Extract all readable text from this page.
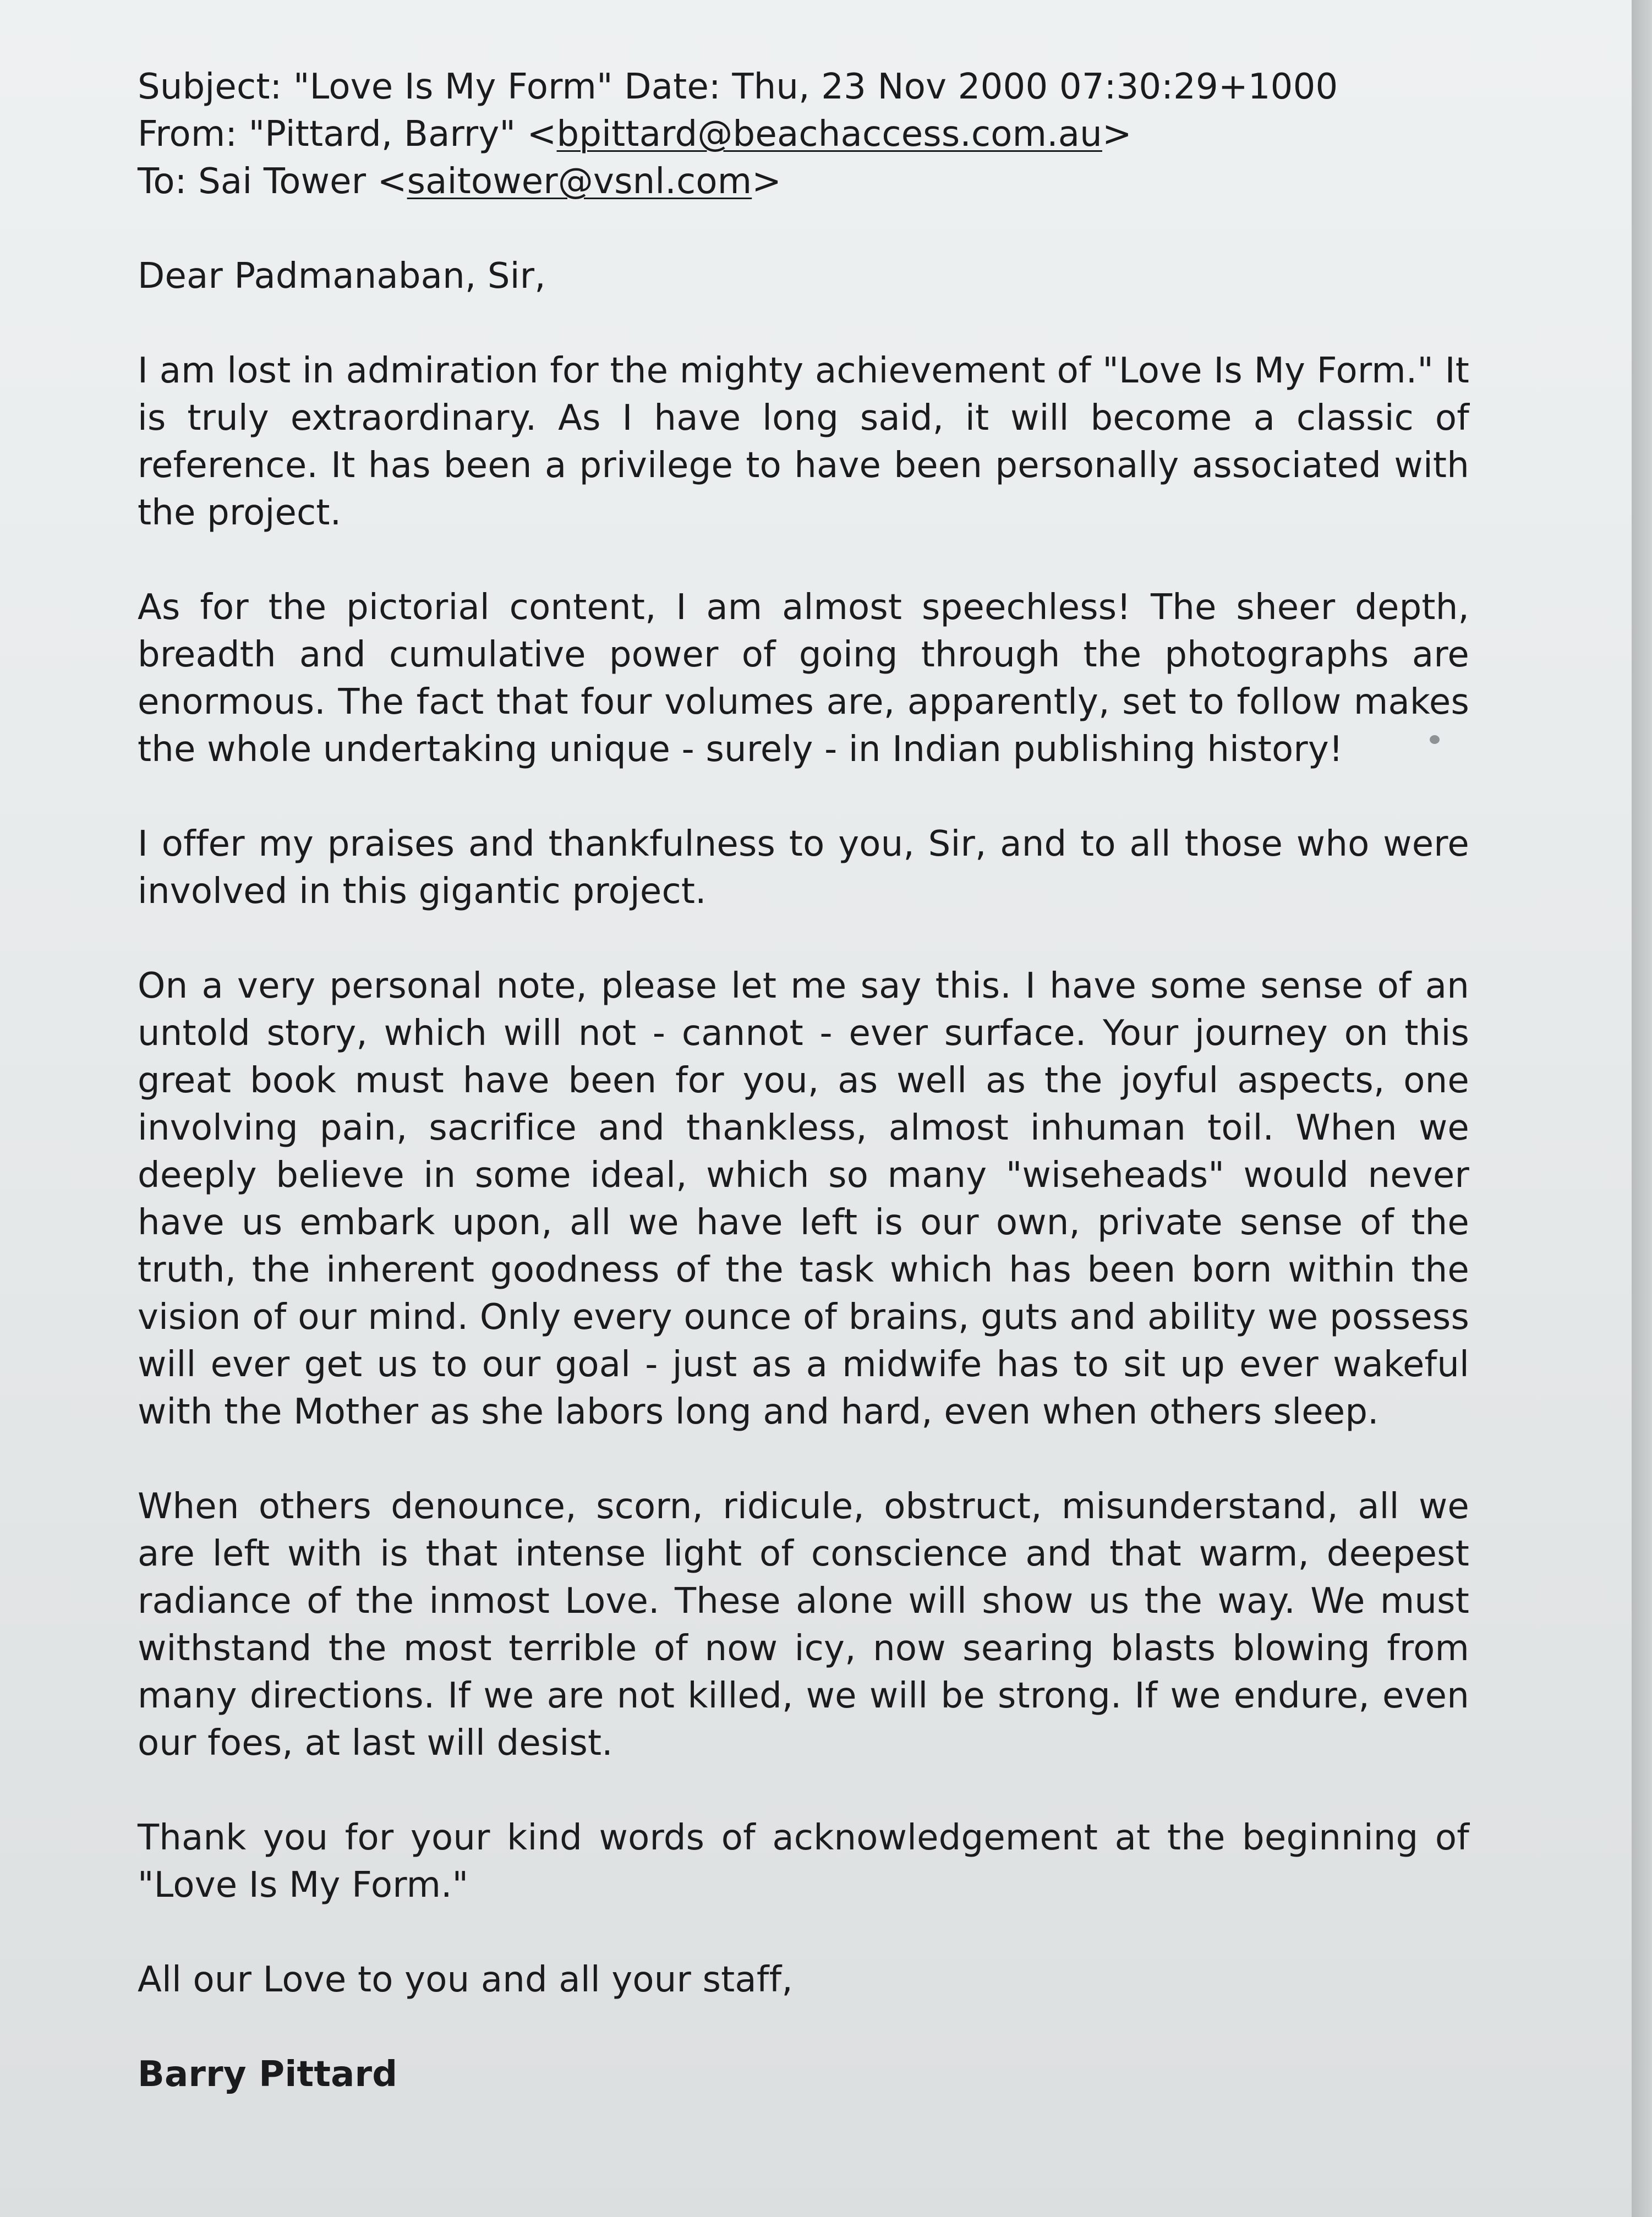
Subject: "Love Is My Form" Date: Thu, 23 Nov 2000 07:30:29+1000

From: "Pittard, Barry" <bpittard@beachaccess.com.au>

To: Sai Tower <saitower@vsnl.com>

Dear Padmanaban, Sir,

I am lost in admiration for the mighty achievement of "Love Is My Form." It is truly extraordinary. As I have long said, it will become a classic of reference. It has been a privilege to have been personally associated with the project.

As for the pictorial content, I am almost speechless! The sheer depth, breadth and cumulative power of going through the photographs are enormous. The fact that four volumes are, apparently, set to follow makes the whole undertaking unique - surely - in Indian publishing history!

I offer my praises and thankfulness to you, Sir, and to all those who were involved in this gigantic project.

On a very personal note, please let me say this. I have some sense of an untold story, which will not - cannot - ever surface. Your journey on this great book must have been for you, as well as the joyful aspects, one involving pain, sacrifice and thankless, almost inhuman toil. When we deeply believe in some ideal, which so many "wiseheads" would never have us embark upon, all we have left is our own, private sense of the truth, the inherent goodness of the task which has been born within the vision of our mind. Only every ounce of brains, guts and ability we possess will ever get us to our goal - just as a midwife has to sit up ever wakeful with the Mother as she labors long and hard, even when others sleep.

When others denounce, scorn, ridicule, obstruct, misunderstand, all we are left with is that intense light of conscience and that warm, deepest radiance of the inmost Love. These alone will show us the way. We must withstand the most terrible of now icy, now searing blasts blowing from many directions. If we are not killed, we will be strong. If we endure, even our foes, at last will desist.

Thank you for your kind words of acknowledgement at the beginning of "Love Is My Form."

All our Love to you and all your staff,

Barry Pittard
